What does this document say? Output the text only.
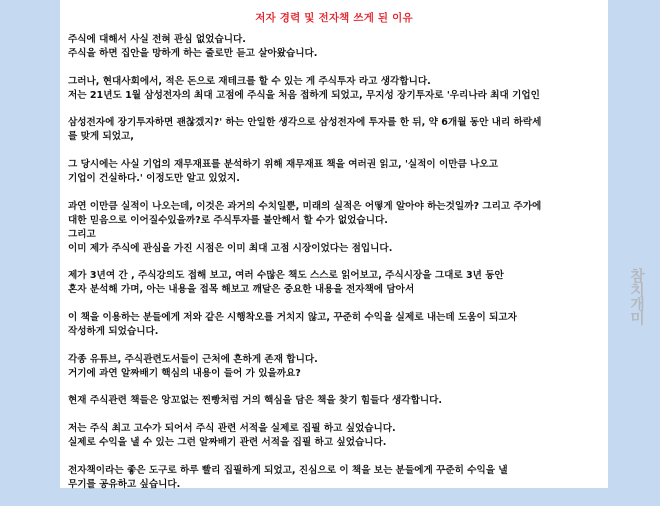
저자 경력 및 전자책 쓰게 된 이유
주식에 대해서 사실 전혀 관심 없었습니다.
주식을 하면 집안을 망하게 하는 줄로만 듣고 살아왔습니다.
그러나, 현대사회에서, 적은 돈으로 재테크를 할 수 있는 게 주식투자 라고 생각합니다.
저는 21년도 1월 삼성전자의 최대 고점에 주식을 처음 접하게 되었고, 무지성 장기투자로 '우리나라 최대 기업인
삼성전자에 장기투자하면 괜찮겠지?' 하는 안일한 생각으로 삼성전자에 투자를 한 뒤, 약 6개월 동안 내리 하락세
를 맞게 되었고,
그 당시에는 사실 기업의 재무재표를 분석하기 위해 재무재표 책을 여러권 읽고, '실적이 이만큼 나오고
기업이 건실하다.' 이정도만 알고 있었지.
과연 이만큼 실적이 나오는데, 이것은 과거의 수치일뿐, 미래의 실적은 어떻게 알아야 하는것일까? 그리고 주가에
대한 믿음으로 이어질수있을까?로 주식투자를 불안해서 할 수가 없었습니다.
그리고
이미 제가 주식에 관심을 가진 시점은 이미 최대 고점 시장이었다는 점입니다.
제가 3년여 간 , 주식강의도 접해 보고, 여러 수많은 책도 스스로 읽어보고, 주식시장을 그대로 3년 동안
혼자 분석해 가며, 아는 내용을 접목 해보고 깨달은 중요한 내용을 전자책에 담아서
이 책을 이용하는 분들에게 저와 같은 시행착오를 거치지 않고, 꾸준히 수익을 실제로 내는데 도움이 되고자
작성하게 되었습니다.
각종 유튜브, 주식관련도서들이 근처에 흔하게 존재 합니다.
거기에 과연 알짜배기 핵심의 내용이 들어 가 있을까요?
현재 주식관련 책들은 앙꼬없는 찐빵처럼 거의 핵심을 담은 책을 찾기 힘들다 생각합니다.
저는 주식 최고 고수가 되어서 주식 관련 서적을 실제로 집필 하고 싶었습니다.
실제로 수익을 낼 수 있는 그런 알짜배기 관련 서적을 집필 하고 싶었습니다.
전자책이라는 좋은 도구로 하루 빨리 집필하게 되었고, 진심으로 이 책을 보는 분들에게 꾸준히 수익을 낼
무기를 공유하고 싶습니다.
참치개미
